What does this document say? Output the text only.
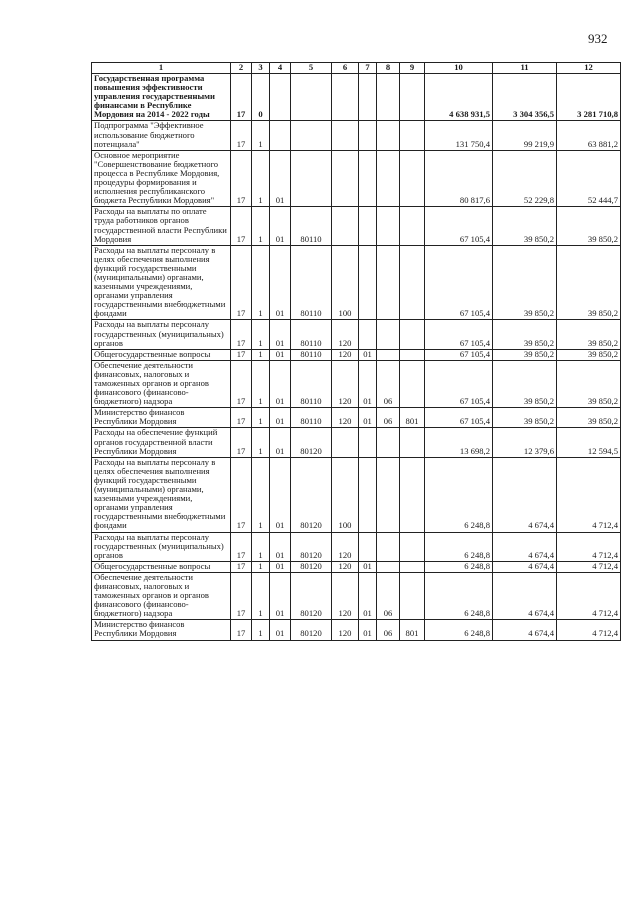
932
1	2	3	4	5	6	7	8	9	10	11	12
Государственная программа повышения эффективности управления государственными финансами в Республике Мордовия на 2014 - 2022 годы	17	0							4 638 931,5	3 304 356,5	3 281 710,8
Подпрограмма "Эффективное использование бюджетного потенциала"	17	1							131 750,4	99 219,9	63 881,2
Основное мероприятие "Совершенствование бюджетного процесса в Республике Мордовия, процедуры формирования и исполнения республиканского бюджета Республики Мордовия"	17	1	01						80 817,6	52 229,8	52 444,7
Расходы на выплаты по оплате труда работников органов государственной власти Республики Мордовия	17	1	01	80110					67 105,4	39 850,2	39 850,2
Расходы на выплаты персоналу в целях обеспечения выполнения функций государственными (муниципальными) органами, казенными учреждениями, органами управления государственными внебюджетными фондами	17	1	01	80110	100				67 105,4	39 850,2	39 850,2
Расходы на выплаты персоналу государственных (муниципальных) органов	17	1	01	80110	120				67 105,4	39 850,2	39 850,2
Общегосударственные вопросы	17	1	01	80110	120	01			67 105,4	39 850,2	39 850,2
Обеспечение деятельности финансовых, налоговых и таможенных органов и органов финансового (финансово-бюджетного) надзора	17	1	01	80110	120	01	06		67 105,4	39 850,2	39 850,2
Министерство финансов Республики Мордовия	17	1	01	80110	120	01	06	801	67 105,4	39 850,2	39 850,2
Расходы на обеспечение функций органов государственной власти Республики Мордовия	17	1	01	80120					13 698,2	12 379,6	12 594,5
Расходы на выплаты персоналу в целях обеспечения выполнения функций государственными (муниципальными) органами, казенными учреждениями, органами управления государственными внебюджетными фондами	17	1	01	80120	100				6 248,8	4 674,4	4 712,4
Расходы на выплаты персоналу государственных (муниципальных) органов	17	1	01	80120	120				6 248,8	4 674,4	4 712,4
Общегосударственные вопросы	17	1	01	80120	120	01			6 248,8	4 674,4	4 712,4
Обеспечение деятельности финансовых, налоговых и таможенных органов и органов финансового (финансово-бюджетного) надзора	17	1	01	80120	120	01	06		6 248,8	4 674,4	4 712,4
Министерство финансов Республики Мордовия	17	1	01	80120	120	01	06	801	6 248,8	4 674,4	4 712,4
